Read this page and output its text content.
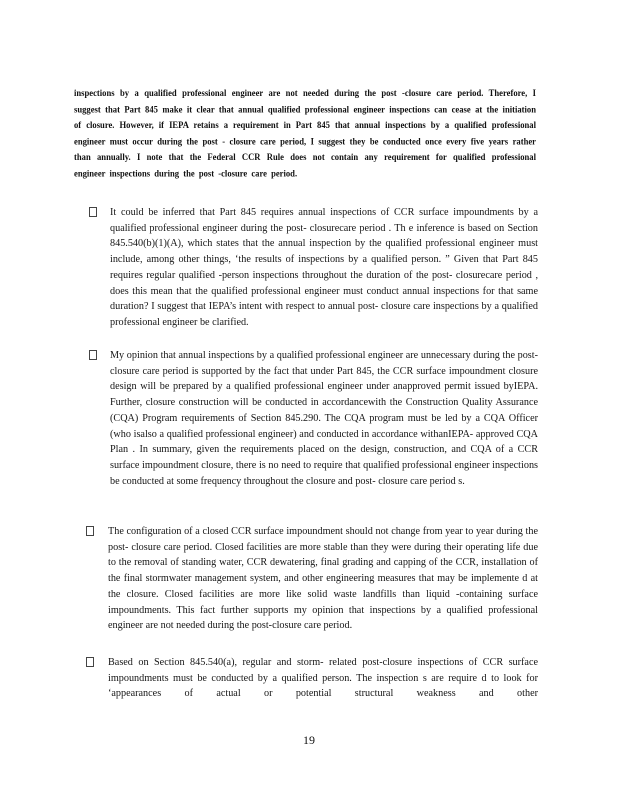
inspections by a qualified professional engineer are not needed during the post -closure care period. Therefore, I suggest that Part 845 make it clear that annual qualified professional engineer inspections can cease at the initiation of closure. However, if IEPA retains a requirement in Part 845 that annual inspections by a qualified professional engineer must occur during the post - closure care period, I suggest they be conducted once every five years rather than annually. I note that the Federal CCR Rule does not contain any requirement for qualified professional engineer inspections during the post -closure care period.
It could be inferred that Part 845 requires annual inspections of CCR surface impoundments by a qualified professional engineer during the post- closurecare period . Th e inference is based on Section 845.540(b)(1)(A), which states that the annual inspection by the qualified professional engineer must include, among other things, ‘the results of inspections by a qualified person. ” Given that Part 845 requires regular qualified -person inspections throughout the duration of the post- closurecare period , does this mean that the qualified professional engineer must conduct annual inspections for that same duration? I suggest that IEPA’s intent with respect to annual post- closure care inspections by a qualified professional engineer be clarified.
My opinion that annual inspections by a qualified professional engineer are unnecessary during the post-closure care period is supported by the fact that under Part 845, the CCR surface impoundment closure design will be prepared by a qualified professional engineer under anapproved permit issued byIEPA. Further, closure construction will be conducted in accordancewith the Construction Quality Assurance (CQA) Program requirements of Section 845.290. The CQA program must be led by a CQA Officer (who isalso a qualified professional engineer) and conducted in accordance withanIEPA- approved CQA Plan . In summary, given the requirements placed on the design, construction, and CQA of a CCR surface impoundment closure, there is no need to require that qualified professional engineer inspections be conducted at some frequency throughout the closure and post- closure care period s.
The configuration of a closed CCR surface impoundment should not change from year to year during the post- closure care period. Closed facilities are more stable than they were during their operating life due to the removal of standing water, CCR dewatering, final grading and capping of the CCR, installation of the final stormwater management system, and other engineering measures that may be implemente d at the closure. Closed facilities are more like solid waste landfills than liquid -containing surface impoundments. This fact further supports my opinion that inspections by a qualified professional engineer are not needed during the post-closure care period.
Based on Section 845.540(a), regular and storm- related post-closure inspections of CCR surface impoundments must be conducted by a qualified person. The inspection s are require d to look for ‘appearances of actual or potential structural weakness and other
19
